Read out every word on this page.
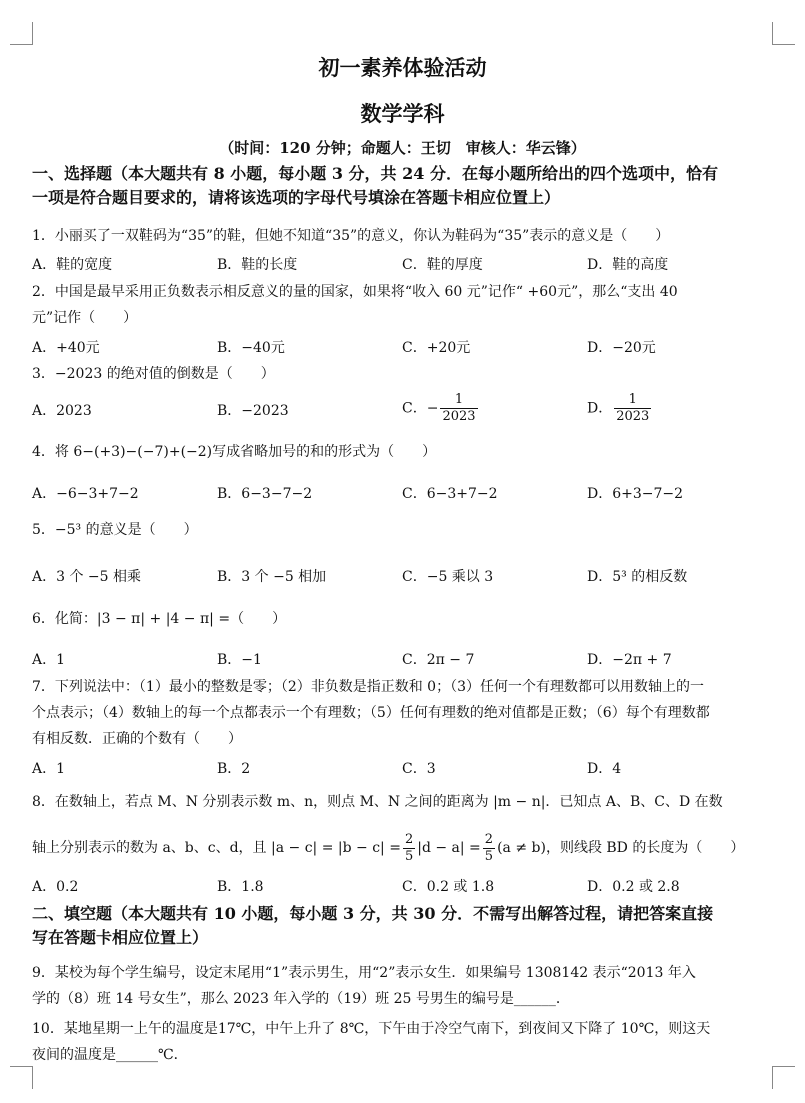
初一素养体验活动
数学学科
（时间：120 分钟；命题人：王切　审核人：华云锋）
一、选择题（本大题共有 8 小题，每小题 3 分，共 24 分．在每小题所给出的四个选项中，恰有
一项是符合题目要求的，请将该选项的字母代号填涂在答题卡相应位置上）
1．小丽买了一双鞋码为“35”的鞋，但她不知道“35”的意义，你认为鞋码为“35”表示的意义是（　　）
A．鞋的宽度	B．鞋的长度	C．鞋的厚度	D．鞋的高度
2．中国是最早采用正负数表示相反意义的量的国家，如果将“收入 60 元”记作“ +60元”，那么“支出 40
元”记作（　　）
A．+40元	B．−40元	C．+20元	D．−20元
3．−2023 的绝对值的倒数是（　　）
A．2023	B．−2023	C．− $\frac{1}{2023}$	D． $\frac{1}{2023}$
4．将 6−(+3)−(−7)+(−2)写成省略加号的和的形式为（　　）
A．−6−3+7−2	B．6−3−7−2	C．6−3+7−2	D．6+3−7−2
5．−5³ 的意义是（　　）
A．3 个 −5 相乘	B．3 个 −5 相加	C．−5 乘以 3	D．5³ 的相反数
6．化简：|3 − π| + |4 − π| =（　　）
A．1	B．−1	C．2π − 7	D．−2π + 7
7．下列说法中：（1）最小的整数是零；（2）非负数是指正数和 0；（3）任何一个有理数都可以用数轴上的一
个点表示；（4）数轴上的每一个点都表示一个有理数；（5）任何有理数的绝对值都是正数；（6）每个有理数都
有相反数．正确的个数有（　　）
A．1	B．2	C．3	D．4
8．在数轴上，若点 M、N 分别表示数 m、n，则点 M、N 之间的距离为 |m − n|．已知点 A、B、C、D 在数
轴上分别表示的数为 a、b、c、d，且 $|a - c| = |b - c| = \frac{2}{5} |d - a| = \frac{2}{5} (a \ne b)$，则线段 BD 的长度为（　　）
A．0.2	B．1.8	C．0.2 或 1.8	D．0.2 或 2.8
二、填空题（本大题共有 10 小题，每小题 3 分，共 30 分．不需写出解答过程，请把答案直接
写在答题卡相应位置上）
9．某校为每个学生编号，设定末尾用“1”表示男生，用“2”表示女生．如果编号 1308142 表示“2013 年入
学的（8）班 14 号女生”，那么 2023 年入学的（19）班 25 号男生的编号是______．
10．某地星期一上午的温度是17℃，中午上升了 8℃，下午由于冷空气南下，到夜间又下降了 10℃，则这天
夜间的温度是______℃．
